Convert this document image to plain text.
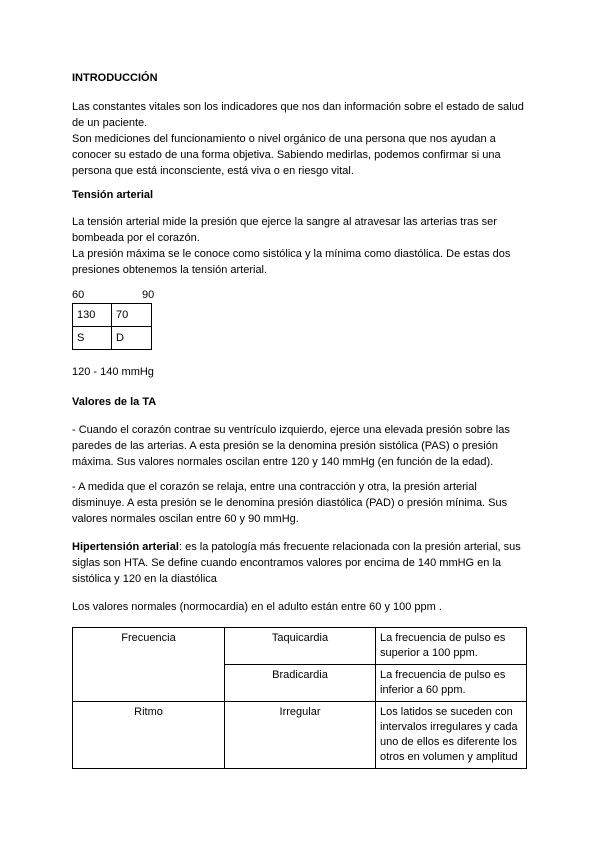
INTRODUCCIÓN

Las constantes vitales son los indicadores que nos dan información sobre el estado de salud de un paciente.

Son mediciones del funcionamiento o nivel orgánico de una persona que nos ayudan a conocer su estado de una forma objetiva. Sabiendo medirlas, podemos confirmar si una persona que está inconsciente, está viva o en riesgo vital.

Tensión arterial

La tensión arterial mide la presión que ejerce la sangre al atravesar las arterias tras ser bombeada por el corazón.

La presión máxima se le conoce como sistólica y la mínima como diastólica. De estas dos presiones obtenemos la tensión arterial.

60	90
130	70
S	D
120 - 140 mmHg
Valores de la TA

- Cuando el corazón contrae su ventrículo izquierdo, ejerce una elevada presión sobre las paredes de las arterias. A esta presión se la denomina presión sistólica (PAS) o presión máxima. Sus valores normales oscilan entre 120 y 140 mmHg (en función de la edad).

- A medida que el corazón se relaja, entre una contracción y otra, la presión arterial disminuye. A esta presión se le denomina presión diastólica (PAD) o presión mínima. Sus valores normales oscilan entre 60 y 90 mmHg.

Hipertensión arterial: es la patología más frecuente relacionada con la presión arterial, sus siglas son HTA. Se define cuando encontramos valores por encima de 140 mmHG en la sistólica y 120 en la diastólica

Los valores normales (normocardia) en el adulto están entre 60 y 100 ppm .

Frecuencia	Taquicardia	La frecuencia de pulso es superior a 100 ppm.
	Bradicardia	La frecuencia de pulso es inferior a 60 ppm.
Ritmo	Irregular	Los latidos se suceden con intervalos irregulares y cada uno de ellos es diferente los otros en volumen y amplitud
